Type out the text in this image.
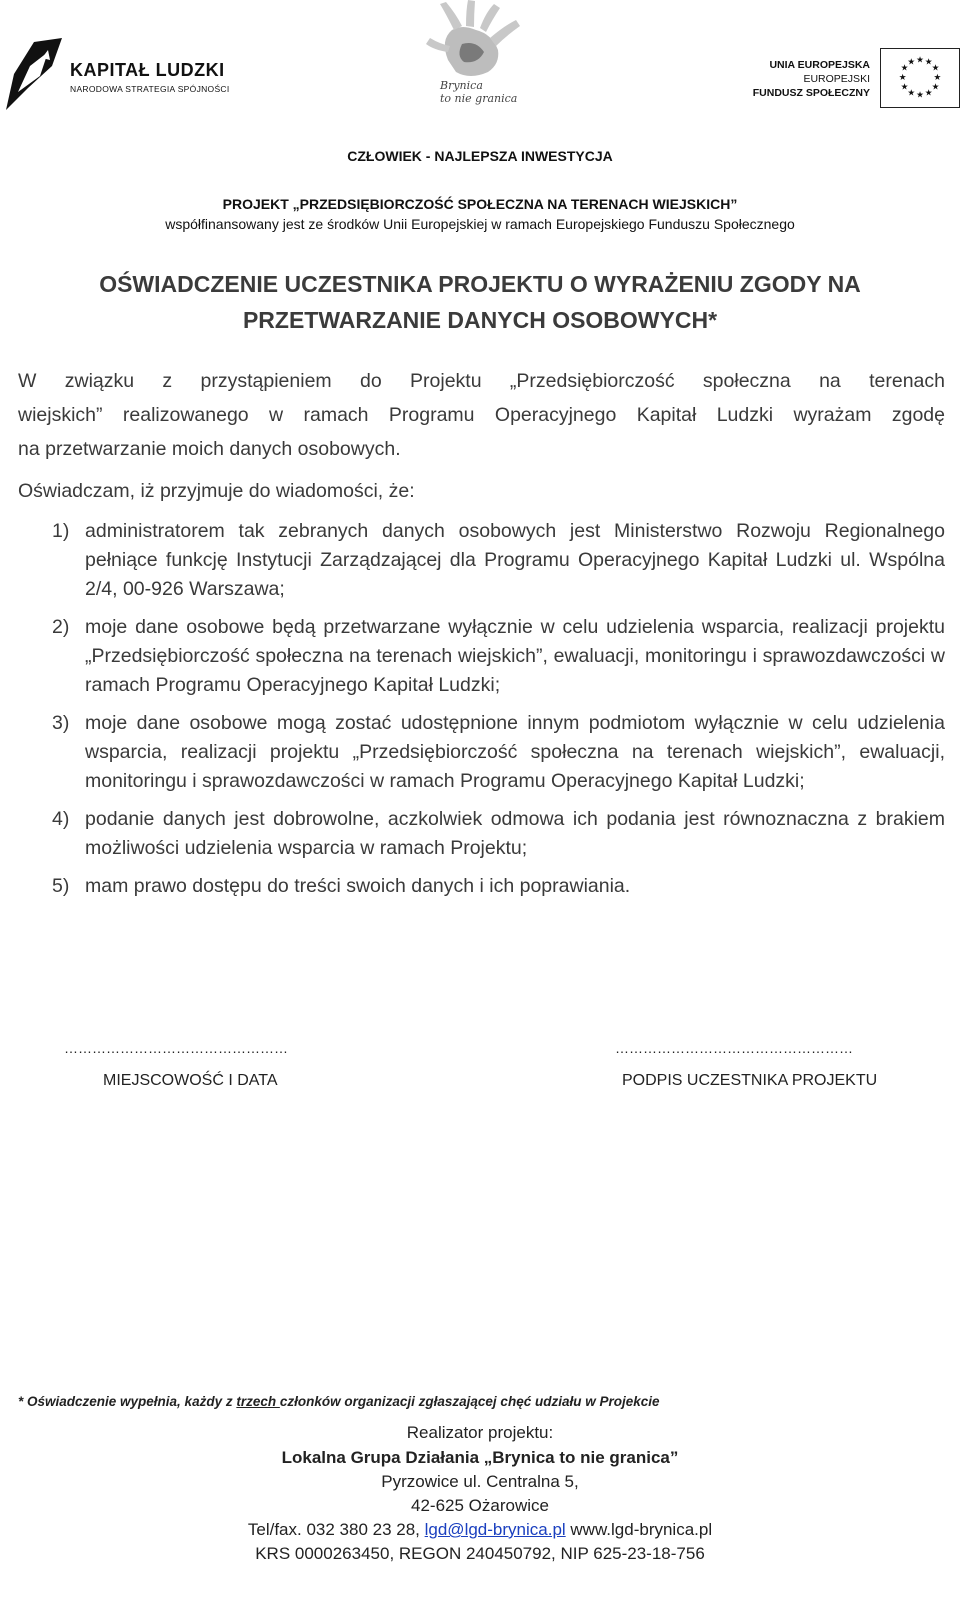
KAPITAŁ LUDZKI
NARODOWA STRATEGIA SPÓJNOŚCI	Brynica
to nie granica
UNIA EUROPEJSKA
EUROPEJSKI
FUNDUSZ SPOŁECZNY
★ ★
★
★
★
★
★
★
★
★
★
★
CZŁOWIEK - NAJLEPSZA INWESTYCJA
PROJEKT „PRZEDSIĘBIORCZOŚĆ SPOŁECZNA NA TERENACH WIEJSKICH”
współfinansowany jest ze środków Unii Europejskiej w ramach Europejskiego Funduszu Społecznego
OŚWIADCZENIE UCZESTNIKA PROJEKTU O WYRAŻENIU ZGODY NA
PRZETWARZANIE DANYCH OSOBOWYCH*
W związku z przystąpieniem do Projektu „Przedsiębiorczość społeczna na terenach
wiejskich” realizowanego w ramach Programu Operacyjnego Kapitał Ludzki wyrażam zgodę
na przetwarzanie moich danych osobowych.
Oświadczam, iż przyjmuje do wiadomości, że:
1) administratorem tak zebranych danych osobowych jest Ministerstwo Rozwoju Regionalnego pełniące funkcję Instytucji Zarządzającej dla Programu Operacyjnego Kapitał Ludzki ul. Wspólna 2/4, 00-926 Warszawa;
2) moje dane osobowe będą przetwarzane wyłącznie w celu udzielenia wsparcia, realizacji projektu „Przedsiębiorczość społeczna na terenach wiejskich”, ewaluacji, monitoringu i sprawozdawczości w ramach Programu Operacyjnego Kapitał Ludzki;
3) moje dane osobowe mogą zostać udostępnione innym podmiotom wyłącznie w celu udzielenia wsparcia, realizacji projektu „Przedsiębiorczość społeczna na terenach wiejskich”, ewaluacji, monitoringu i sprawozdawczości w ramach Programu Operacyjnego Kapitał Ludzki;
4) podanie danych jest dobrowolne, aczkolwiek odmowa ich podania jest równoznaczna z brakiem możliwości udzielenia wsparcia w ramach Projektu;
5) mam prawo dostępu do treści swoich danych i ich poprawiania.
…………………………………………
MIEJSCOWOŚĆ I DATA
……………………………………………
PODPIS UCZESTNIKA PROJEKTU
* Oświadczenie wypełnia, każdy z trzech członków organizacji zgłaszającej chęć udziału w Projekcie
Realizator projektu:
Lokalna Grupa Działania „Brynica to nie granica”
Pyrzowice ul. Centralna 5,
42-625 Ożarowice
Tel/fax. 032 380 23 28, lgd@lgd-brynica.pl www.lgd-brynica.pl
KRS 0000263450, REGON 240450792, NIP 625-23-18-756
